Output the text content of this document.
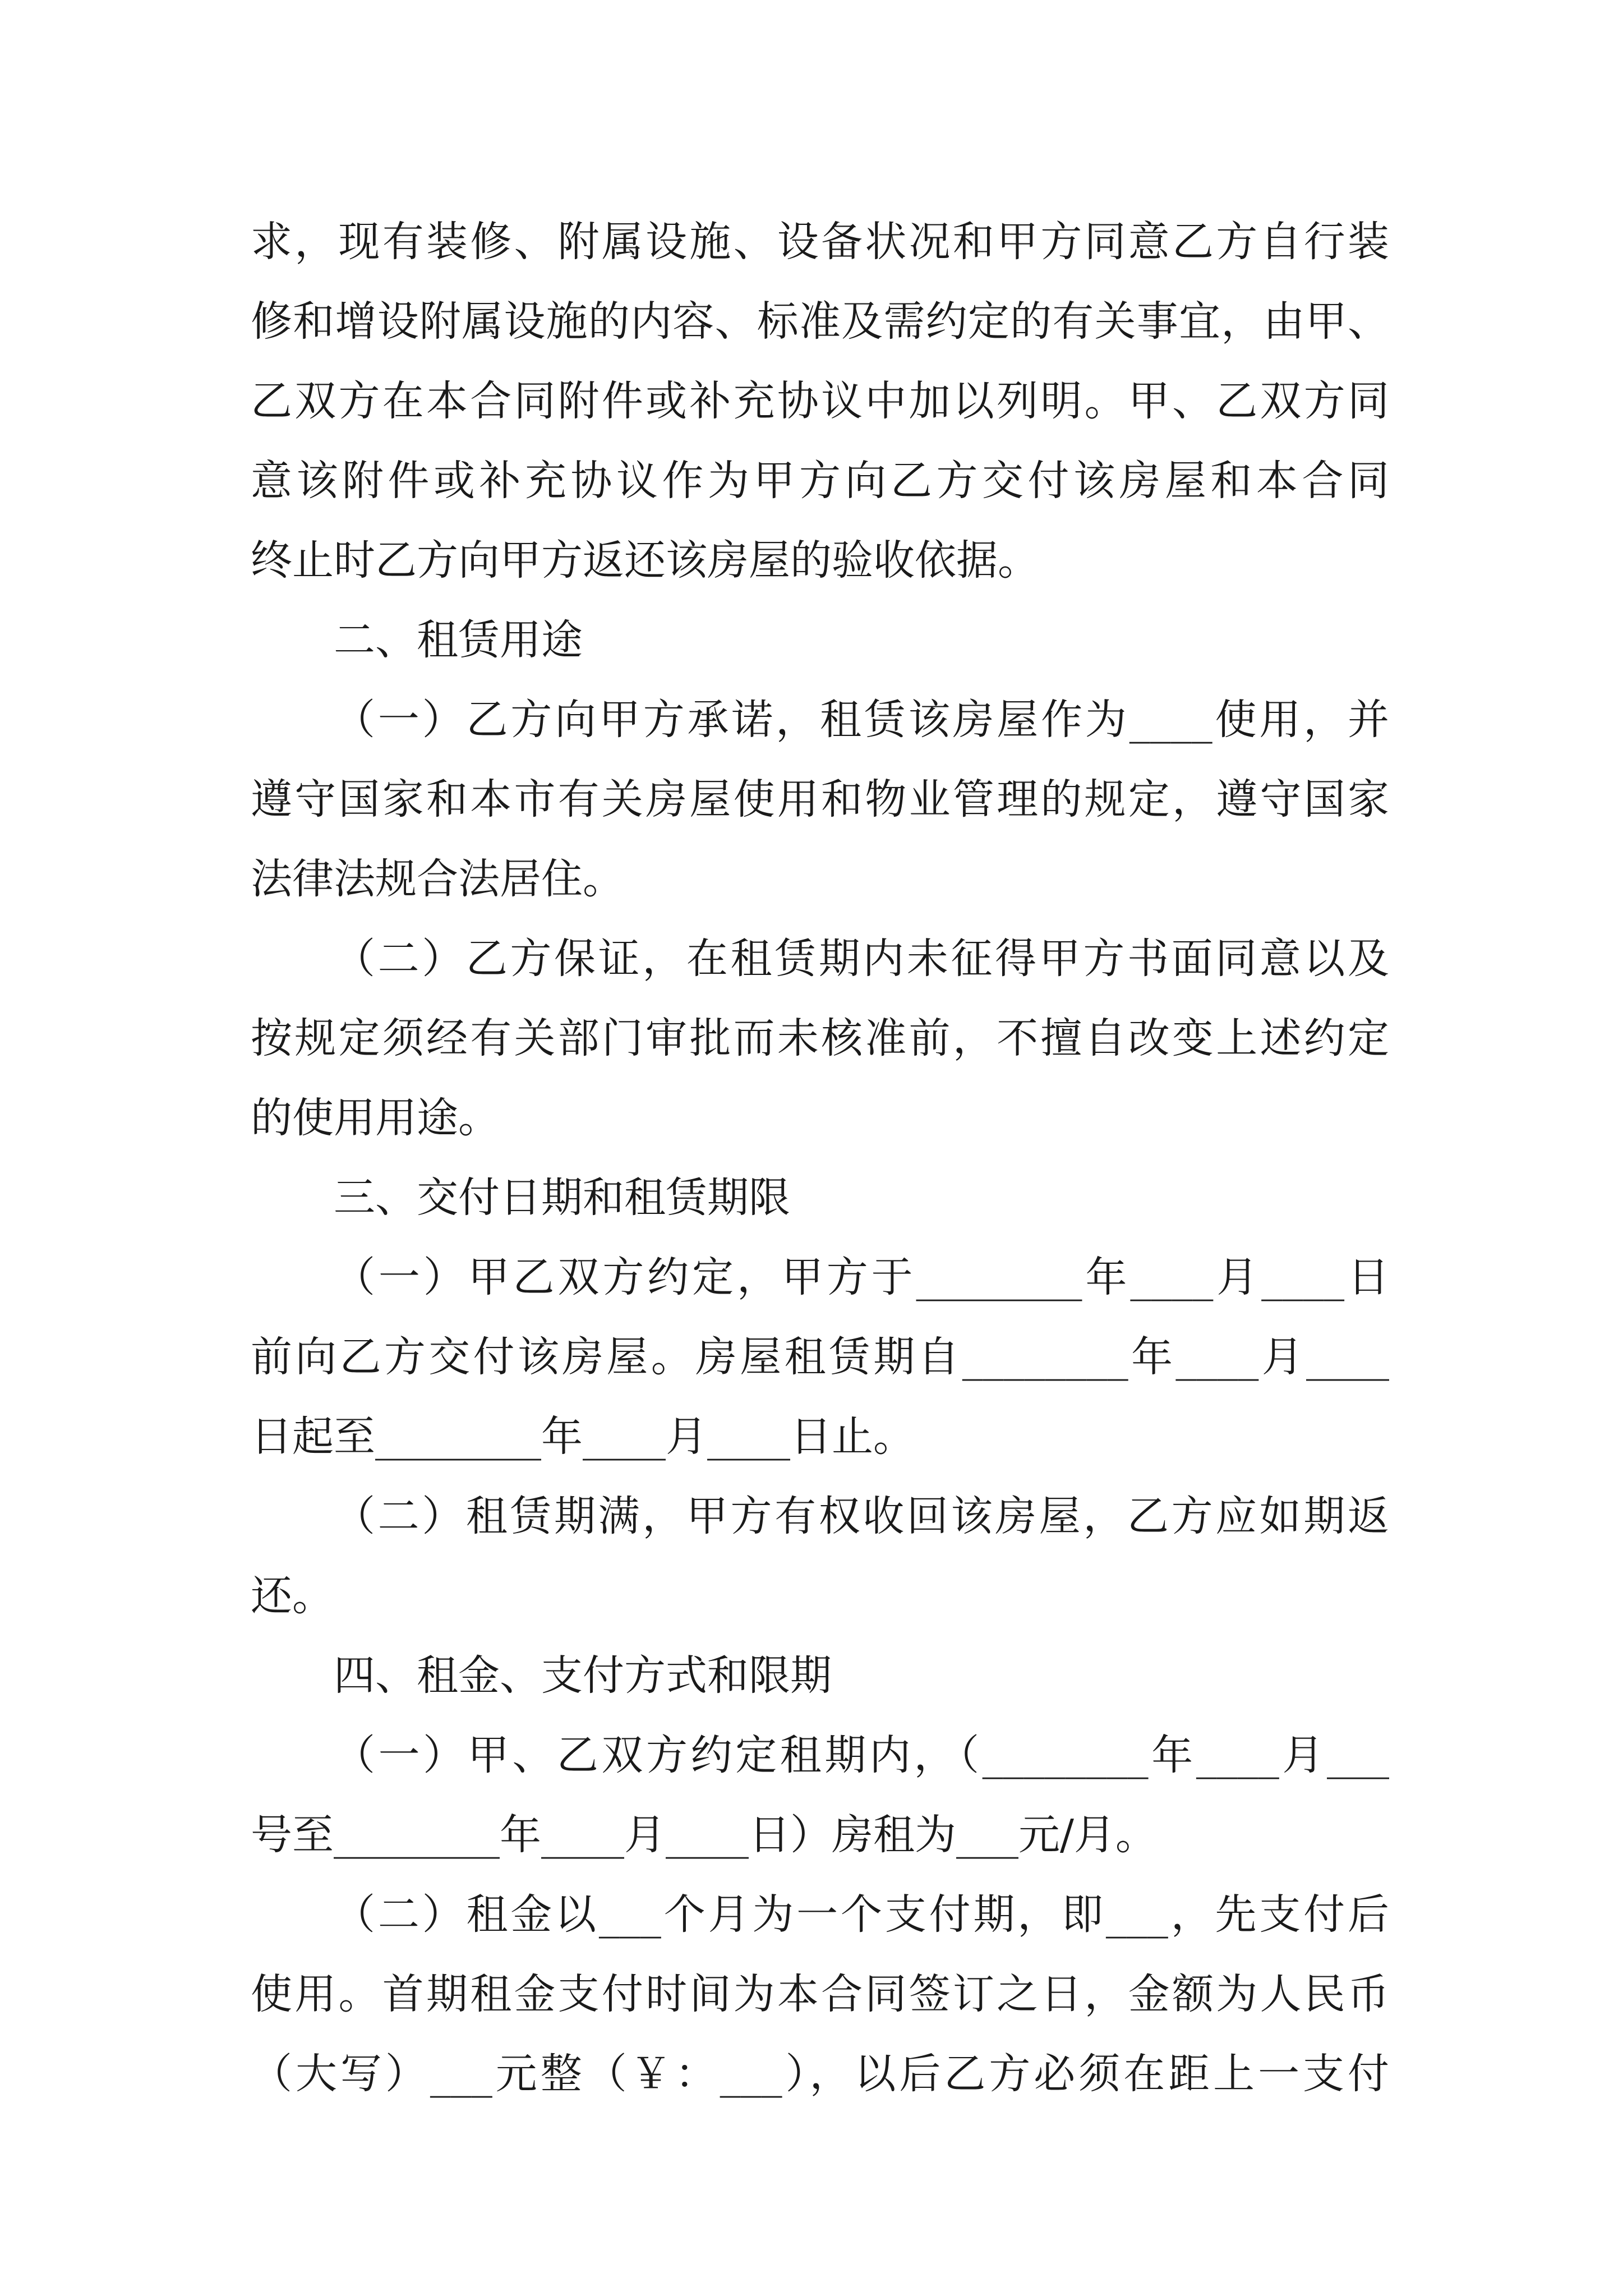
求，现有装修、附属设施、设备状况和甲方同意乙方自行装
修和增设附属设施的内容、标准及需约定的有关事宜，由甲、
乙双方在本合同附件或补充协议中加以列明。甲、乙双方同
意该附件或补充协议作为甲方向乙方交付该房屋和本合同
终止时乙方向甲方返还该房屋的验收依据。
二、租赁用途
（一）乙方向甲方承诺，租赁该房屋作为____使用，并
遵守国家和本市有关房屋使用和物业管理的规定，遵守国家
法律法规合法居住。
（二）乙方保证，在租赁期内未征得甲方书面同意以及
按规定须经有关部门审批而未核准前，不擅自改变上述约定
的使用用途。
三、交付日期和租赁期限
（一）甲乙双方约定，甲方于________年____月____日
前向乙方交付该房屋。房屋租赁期自________年____月____
日起至________年____月____日止。
（二）租赁期满，甲方有权收回该房屋，乙方应如期返
还。
四、租金、支付方式和限期
（一）甲、乙双方约定租期内，（________年____月___
号至________年____月____日）房租为___元/月。
（二）租金以___个月为一个支付期，即___，先支付后
使用。首期租金支付时间为本合同签订之日，金额为人民币
（大写）___元整（￥：___），以后乙方必须在距上一支付
